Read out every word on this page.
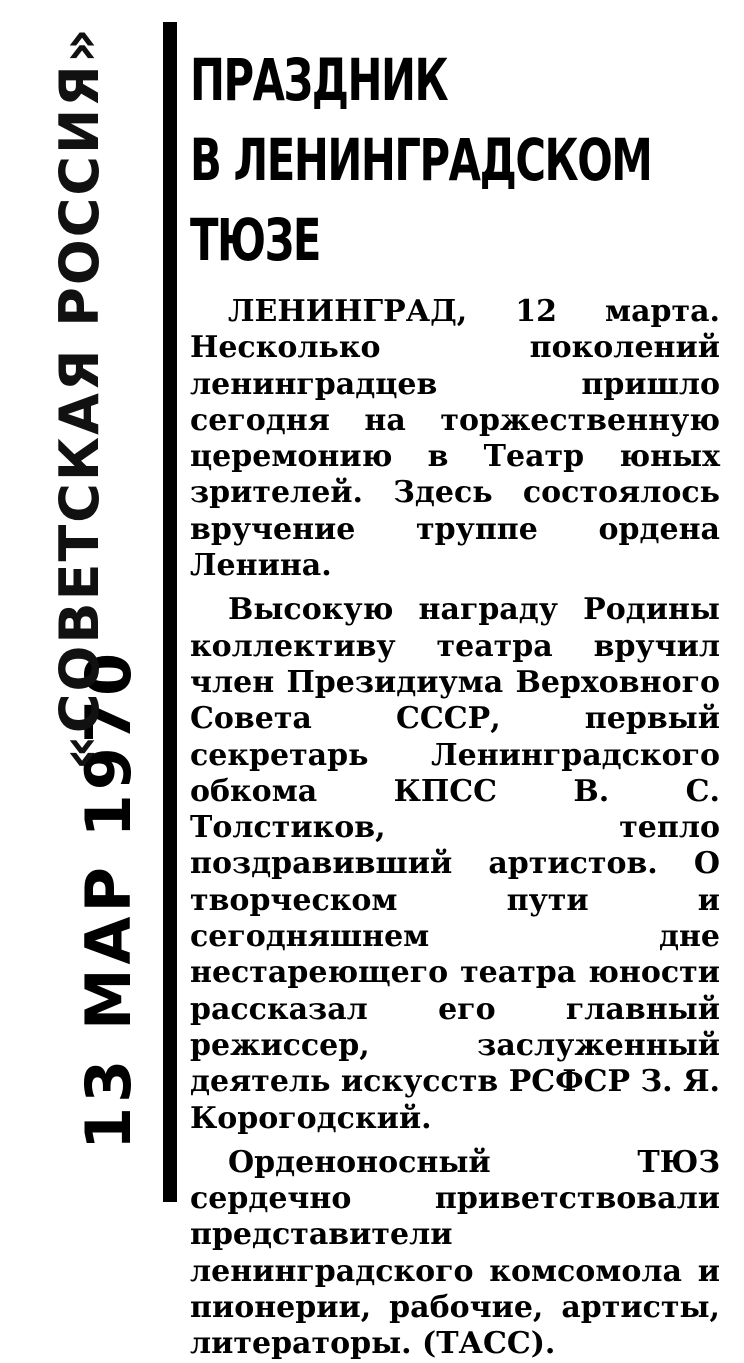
13 МАР 1970
«СОВЕТСКАЯ РОССИЯ» ПРАЗДНИК
В ЛЕНИНГРАДСКОМ
ТЮЗЕ

ЛЕНИНГРАД, 12 марта. Несколько поколений ленинградцев пришло сегодня на торжественную церемонию в Театр юных зрителей. Здесь состоялось вручение труппе ордена Ленина.

Высокую награду Родины коллективу театра вручил член Президиума Верховного Совета СССР, первый секретарь Ленинградского обкома КПСС В. С. Толстиков, тепло поздравивший артистов. О творческом пути и сегодняшнем дне нестареющего театра юности рассказал его главный режиссер, заслуженный деятель искусств РСФСР З. Я. Корогодский.

Орденоносный ТЮЗ сердечно приветствовали представители ленинградского комсомола и пионерии, рабочие, артисты, литераторы. (ТАСС).
